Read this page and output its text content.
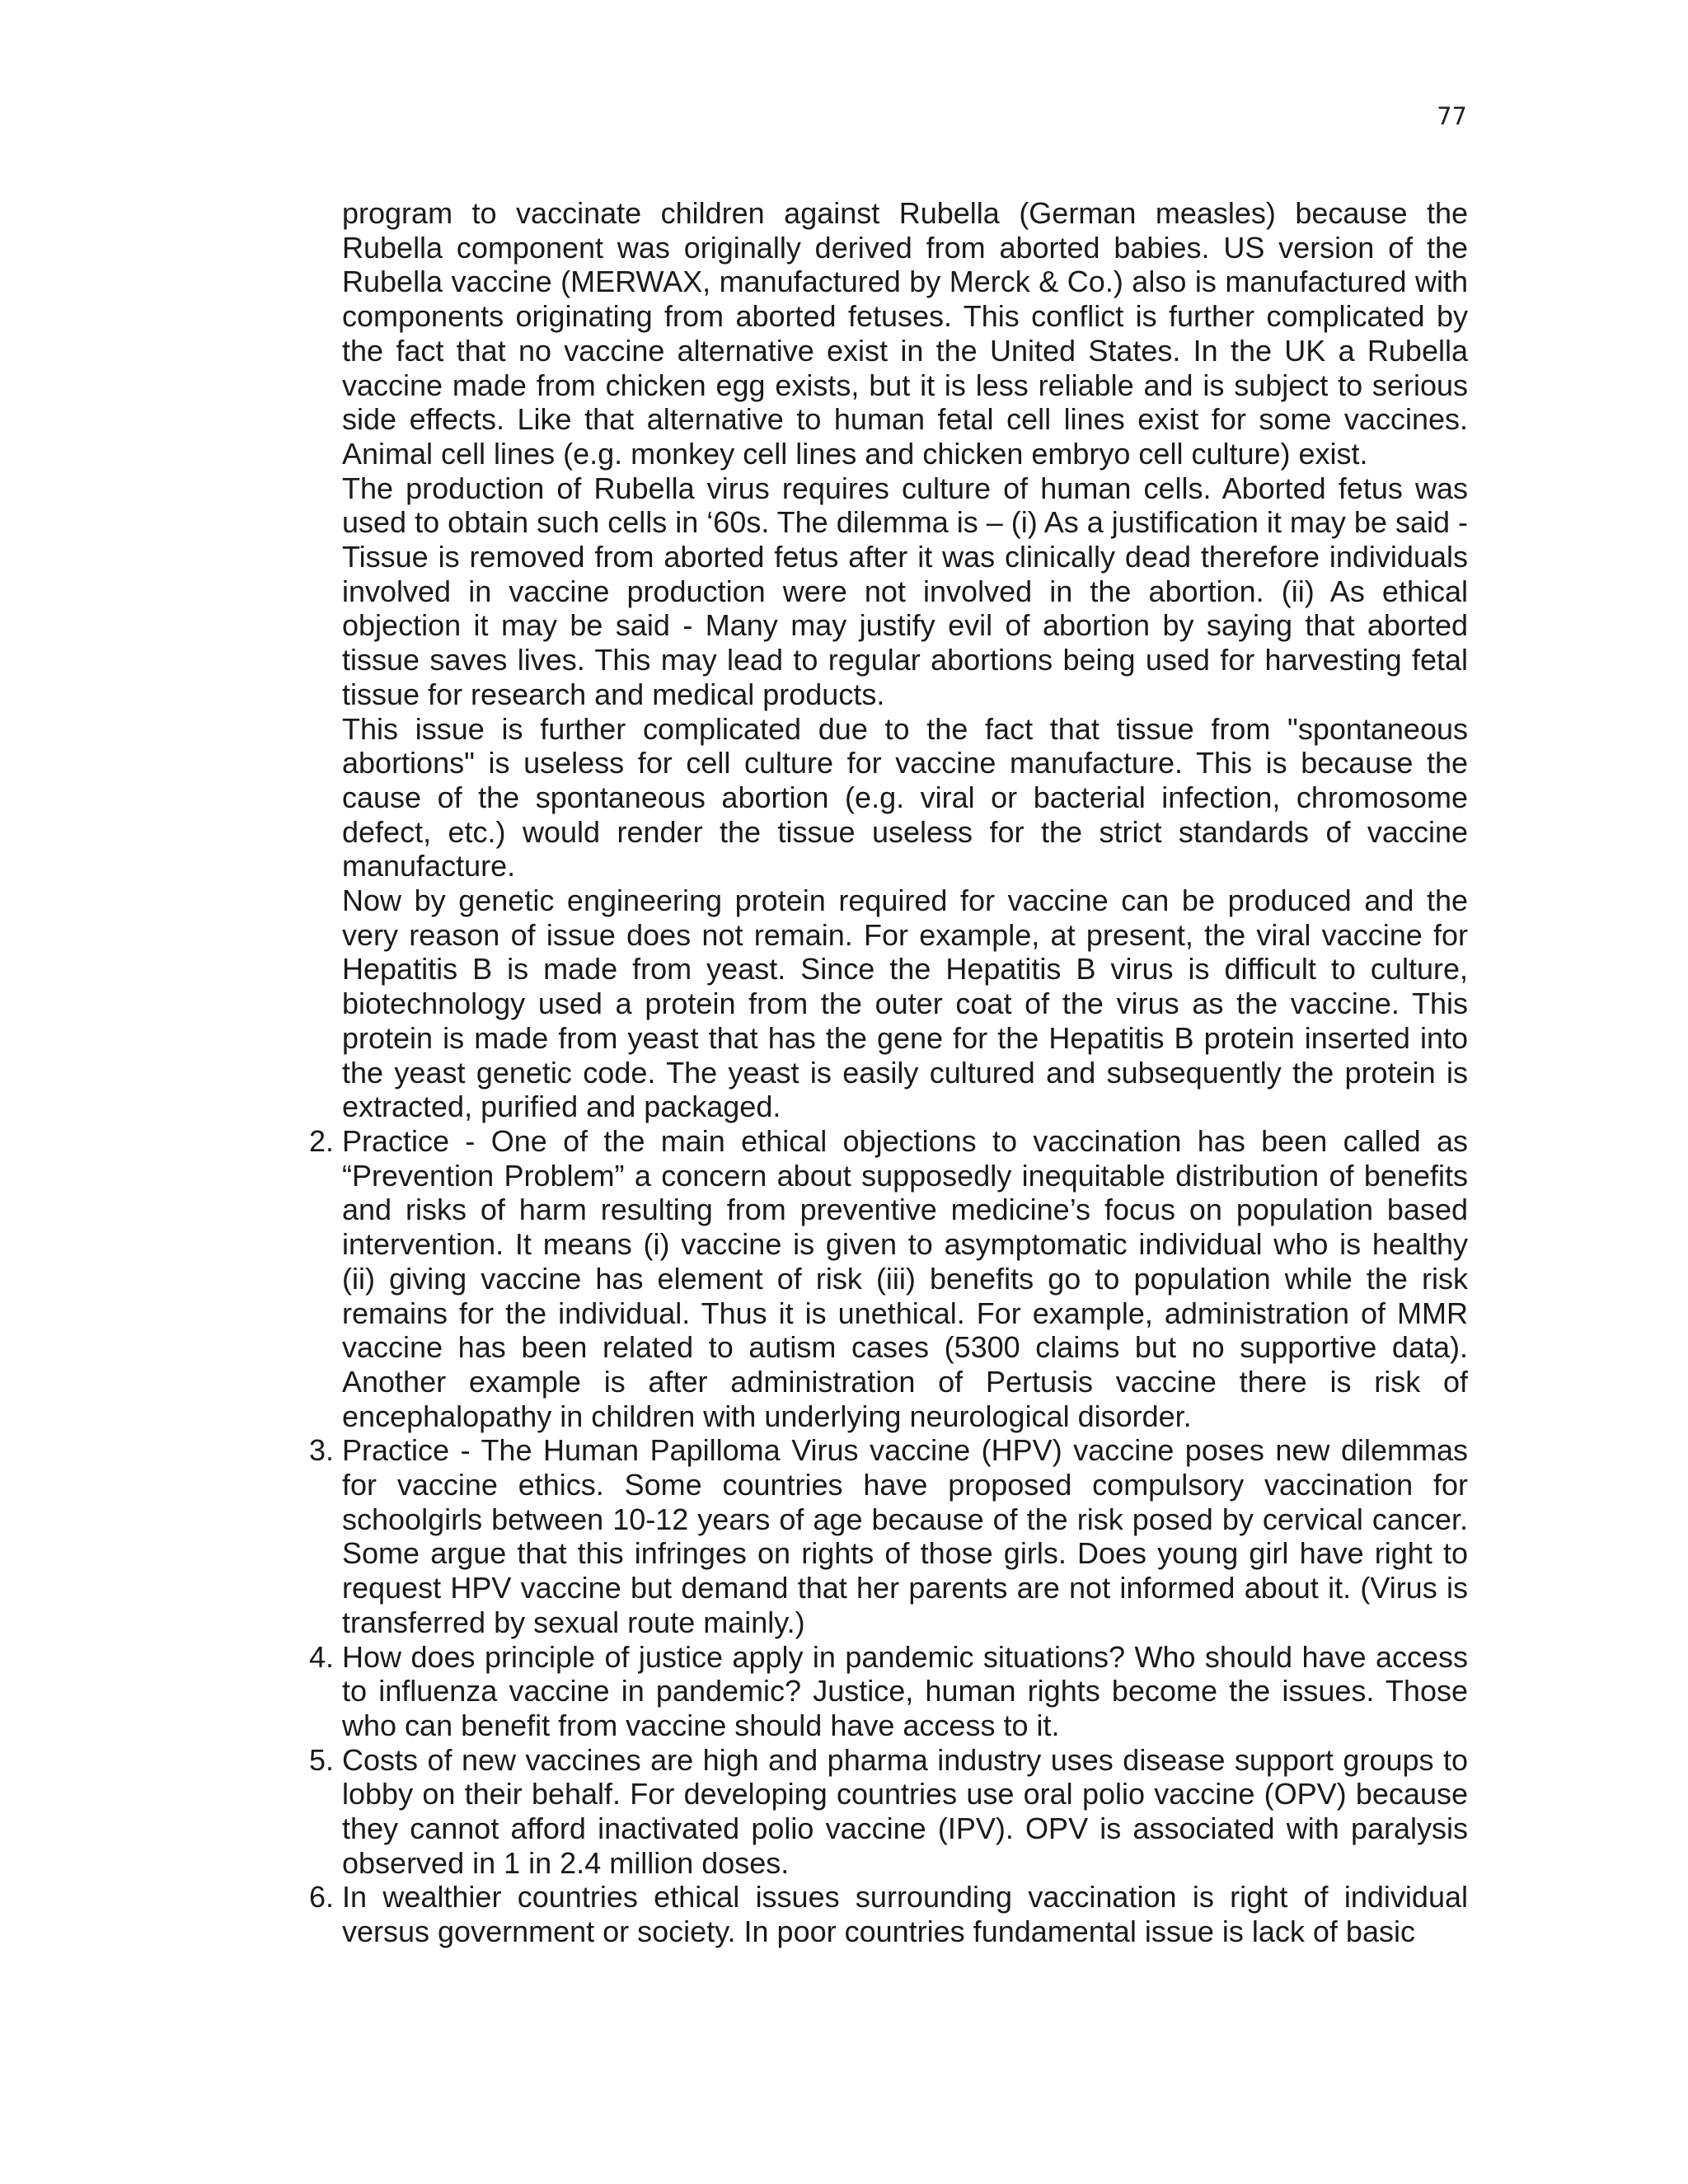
77

program to vaccinate children against Rubella (German measles) because the Rubella component was originally derived from aborted babies. US version of the Rubella vaccine (MERWAX, manufactured by Merck & Co.) also is manufactured with components originating from aborted fetuses. This conflict is further complicated by the fact that no vaccine alternative exist in the United States. In the UK a Rubella vaccine made from chicken egg exists, but it is less reliable and is subject to serious side effects. Like that alternative to human fetal cell lines exist for some vaccines. Animal cell lines (e.g. monkey cell lines and chicken embryo cell culture) exist.

The production of Rubella virus requires culture of human cells. Aborted fetus was used to obtain such cells in ‘60s. The dilemma is – (i) As a justification it may be said - Tissue is removed from aborted fetus after it was clinically dead therefore individuals involved in vaccine production were not involved in the abortion. (ii) As ethical objection it may be said - Many may justify evil of abortion by saying that aborted tissue saves lives. This may lead to regular abortions being used for harvesting fetal tissue for research and medical products.

This issue is further complicated due to the fact that tissue from "spontaneous abortions" is useless for cell culture for vaccine manufacture. This is because the cause of the spontaneous abortion (e.g. viral or bacterial infection, chromosome defect, etc.) would render the tissue useless for the strict standards of vaccine manufacture.

Now by genetic engineering protein required for vaccine can be produced and the very reason of issue does not remain. For example, at present, the viral vaccine for Hepatitis B is made from yeast. Since the Hepatitis B virus is difficult to culture, biotechnology used a protein from the outer coat of the virus as the vaccine. This protein is made from yeast that has the gene for the Hepatitis B protein inserted into the yeast genetic code. The yeast is easily cultured and subsequently the protein is extracted, purified and packaged.

2. Practice - One of the main ethical objections to vaccination has been called as “Prevention Problem” a concern about supposedly inequitable distribution of benefits and risks of harm resulting from preventive medicine’s focus on population based intervention. It means (i) vaccine is given to asymptomatic individual who is healthy (ii) giving vaccine has element of risk (iii) benefits go to population while the risk remains for the individual. Thus it is unethical. For example, administration of MMR vaccine has been related to autism cases (5300 claims but no supportive data). Another example is after administration of Pertusis vaccine there is risk of encephalopathy in children with underlying neurological disorder.
3. Practice - The Human Papilloma Virus vaccine (HPV) vaccine poses new dilemmas for vaccine ethics. Some countries have proposed compulsory vaccination for schoolgirls between 10-12 years of age because of the risk posed by cervical cancer. Some argue that this infringes on rights of those girls. Does young girl have right to request HPV vaccine but demand that her parents are not informed about it. (Virus is transferred by sexual route mainly.)
4. How does principle of justice apply in pandemic situations? Who should have access to influenza vaccine in pandemic? Justice, human rights become the issues. Those who can benefit from vaccine should have access to it.
5. Costs of new vaccines are high and pharma industry uses disease support groups to lobby on their behalf. For developing countries use oral polio vaccine (OPV) because they cannot afford inactivated polio vaccine (IPV). OPV is associated with paralysis observed in 1 in 2.4 million doses.
6. In wealthier countries ethical issues surrounding vaccination is right of individual versus government or society. In poor countries fundamental issue is lack of basic
